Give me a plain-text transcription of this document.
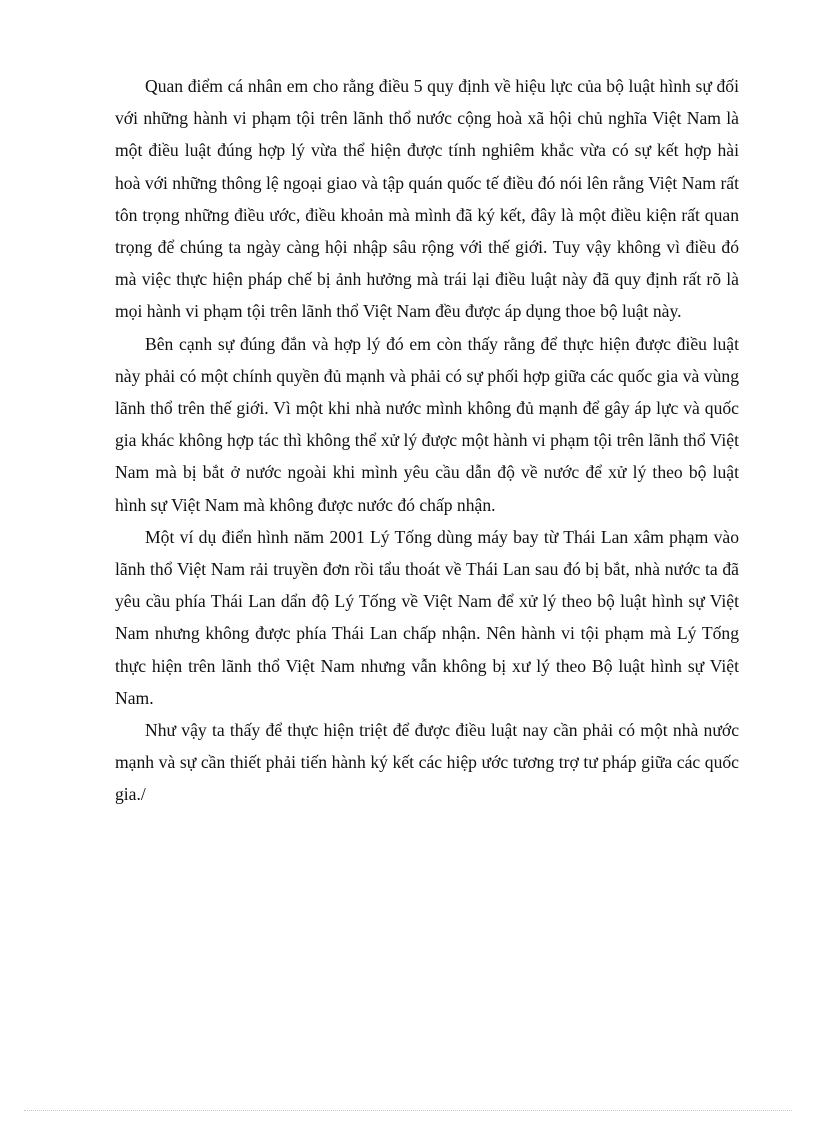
Quan điểm cá nhân em cho rằng điều 5 quy định về hiệu lực của bộ luật hình sự đối với những hành vi phạm tội trên lãnh thổ nước cộng hoà xã hội chủ nghĩa Việt Nam là một điều luật đúng hợp lý vừa thể hiện được tính nghiêm khắc vừa có sự kết hợp hài hoà với những thông lệ ngoại giao và tập quán quốc tế điều đó nói lên rằng Việt Nam rất tôn trọng những điều ước, điều khoản mà mình đã ký kết, đây là một điều kiện rất quan trọng để chúng ta ngày càng hội nhập sâu rộng với thế giới. Tuy vậy không vì điều đó mà việc thực hiện pháp chế bị ảnh hưởng mà trái lại điều luật này đã quy định rất rõ là mọi hành vi phạm tội trên lãnh thổ Việt Nam đều được áp dụng thoe bộ luật này.

Bên cạnh sự đúng đắn và hợp lý đó em còn thấy rằng để thực hiện được điều luật này phải có một chính quyền đủ mạnh và phải có sự phối hợp giữa các quốc gia và vùng lãnh thổ trên thế giới. Vì một khi nhà nước mình không đủ mạnh để gây áp lực và quốc gia khác không hợp tác thì không thể xử lý được một hành vi phạm tội trên lãnh thổ Việt Nam mà bị bắt ở nước ngoài khi mình yêu cầu dẫn độ về nước để xử lý theo bộ luật hình sự Việt Nam mà không được nước đó chấp nhận.

Một ví dụ điển hình năm 2001 Lý Tống dùng máy bay từ Thái Lan xâm phạm vào lãnh thổ Việt Nam rải truyền đơn rồi tẩu thoát về Thái Lan sau đó bị bắt, nhà nước ta đã yêu cầu phía Thái Lan dẩn độ Lý Tống về Việt Nam để xử lý theo bộ luật hình sự Việt Nam nhưng không được phía Thái Lan chấp nhận. Nên hành vi tội phạm mà Lý Tống thực hiện trên lãnh thổ Việt Nam nhưng vẫn không bị xư lý theo Bộ luật hình sự Việt Nam.

Như vậy ta thấy để thực hiện triệt để được điều luật nay cần phải có một nhà nước mạnh và sự cần thiết phải tiến hành ký kết các hiệp ước tương trợ tư pháp giữa các quốc gia./
